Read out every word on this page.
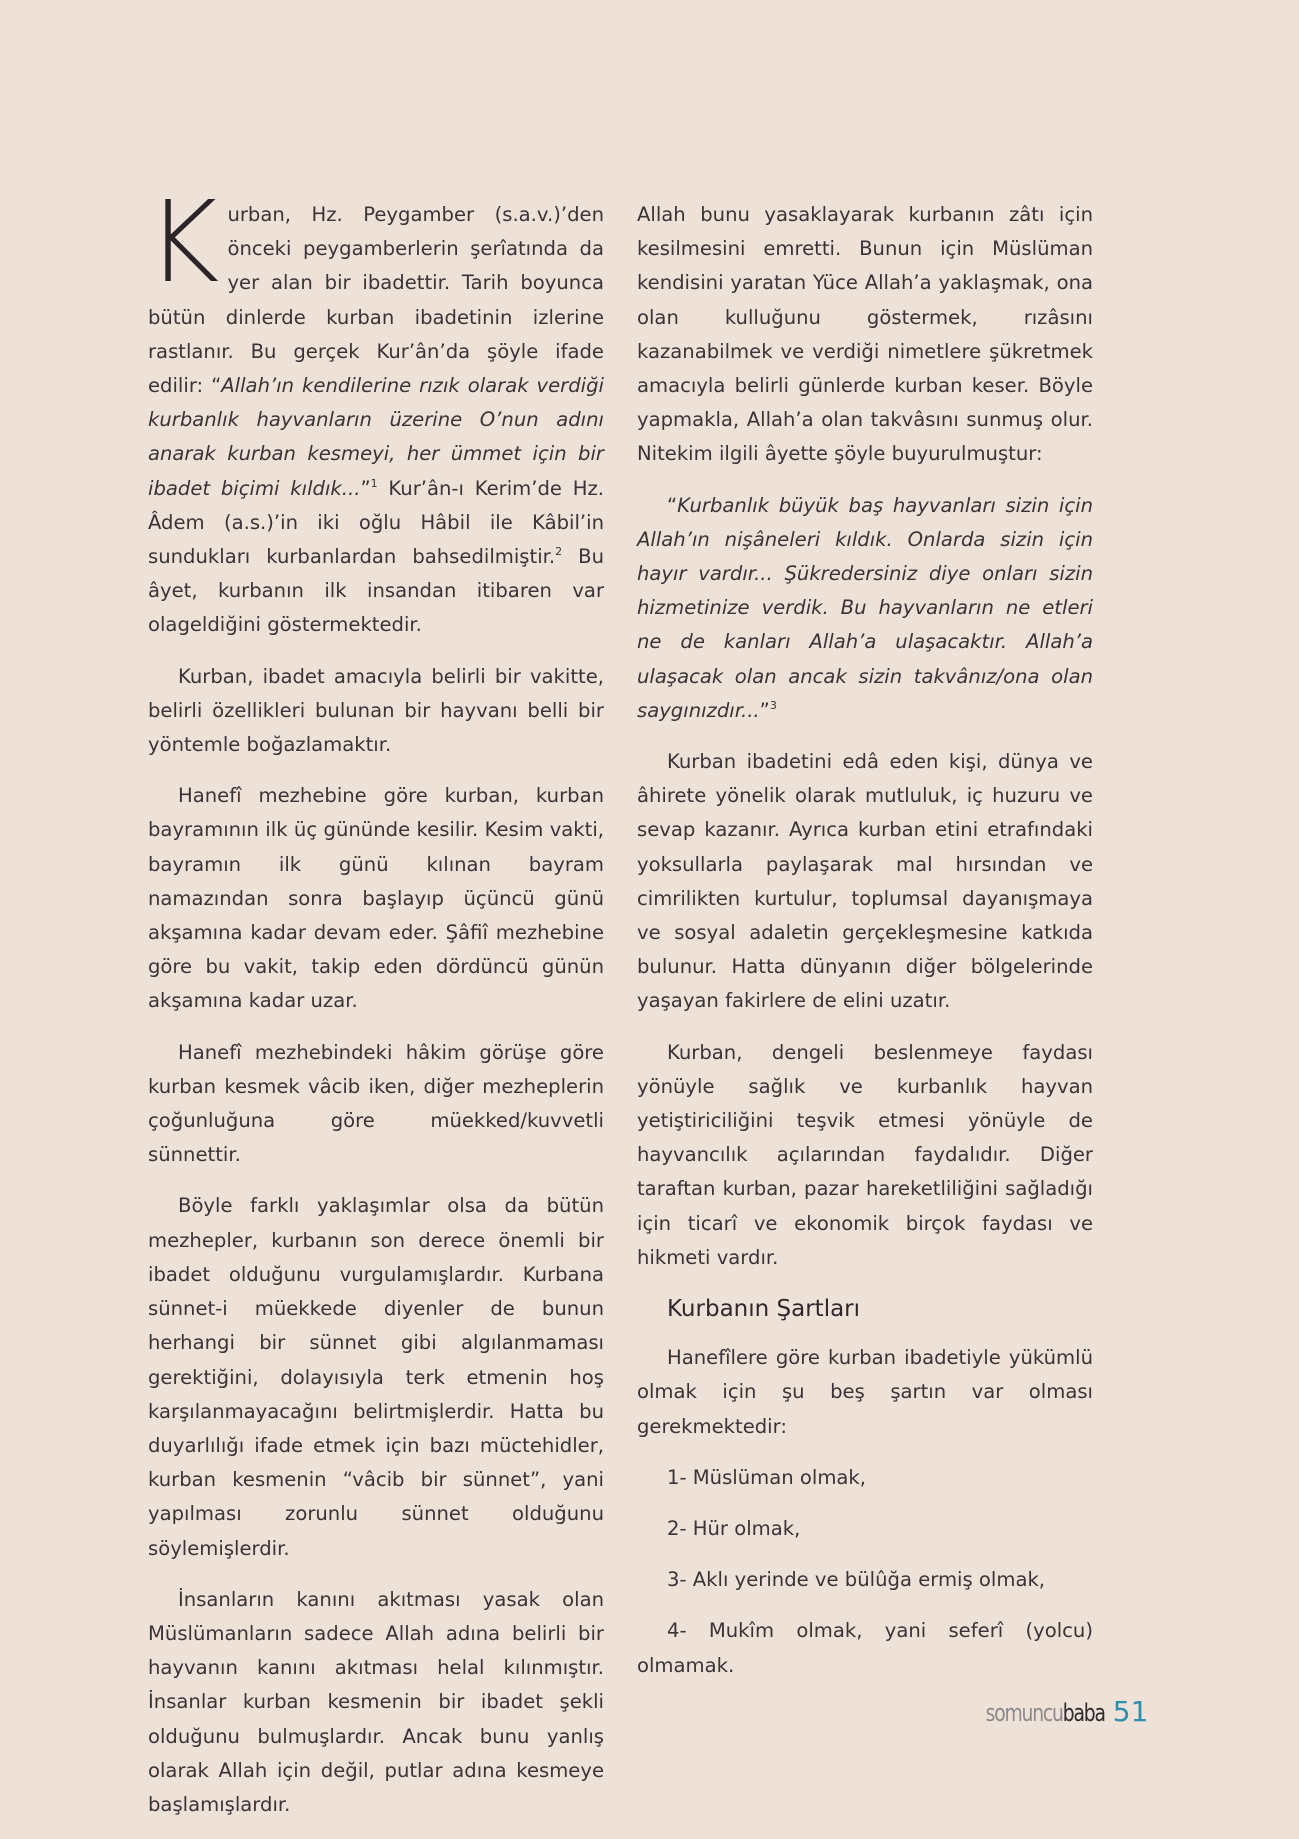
Kurban, Hz. Peygamber (s.a.v.)’den önceki peygamberlerin şerîatında da yer alan bir ibadettir. Tarih boyunca bütün dinlerde kurban ibadetinin izlerine rastlanır. Bu gerçek Kur’ân’da şöyle ifade edilir: “Allah’ın kendilerine rızık olarak verdiği kurbanlık hayvanların üzerine O’nun adını anarak kurban kesmeyi, her ümmet için bir ibadet biçimi kıldık...”$^1$ Kur’ân-ı Kerim’de Hz. Âdem (a.s.)’in iki oğlu Hâbil ile Kâbil’in sundukları kurbanlardan bahsedilmiştir.$^2$ Bu âyet, kurbanın ilk insandan itibaren var olageldiğini göstermektedir.

Kurban, ibadet amacıyla belirli bir vakitte, belirli özellikleri bulunan bir hayvanı belli bir yöntemle boğazlamaktır.

Hanefî mezhebine göre kurban, kurban bayramının ilk üç gününde kesilir. Kesim vakti, bayramın ilk günü kılınan bayram namazından sonra başlayıp üçüncü günü akşamına kadar devam eder. Şâfiî mezhebine göre bu vakit, takip eden dördüncü günün akşamına kadar uzar.

Hanefî mezhebindeki hâkim görüşe göre kurban kesmek vâcib iken, diğer mezheplerin çoğunluğuna göre müekked/kuvvetli sünnettir.

Böyle farklı yaklaşımlar olsa da bütün mezhepler, kurbanın son derece önemli bir ibadet olduğunu vurgulamışlardır. Kurbana sünnet-i müekkede diyenler de bunun herhangi bir sünnet gibi algılanmaması gerektiğini, dolayısıyla terk etmenin hoş karşılanmayacağını belirtmişlerdir. Hatta bu duyarlılığı ifade etmek için bazı müctehidler, kurban kesmenin “vâcib bir sünnet”, yani yapılması zorunlu sünnet olduğunu söylemişlerdir.

İnsanların kanını akıtması yasak olan Müslümanların sadece Allah adına belirli bir hayvanın kanını akıtması helal kılınmıştır. İnsanlar kurban kesmenin bir ibadet şekli olduğunu bulmuşlardır. Ancak bunu yanlış olarak Allah için değil, putlar adına kesmeye başlamışlardır.

Allah bunu yasaklayarak kurbanın zâtı için kesilmesini emretti. Bunun için Müslüman kendisini yaratan Yüce Allah’a yaklaşmak, ona olan kulluğunu göstermek, rızâsını kazanabilmek ve verdiği nimetlere şükretmek amacıyla belirli günlerde kurban keser. Böyle yapmakla, Allah’a olan takvâsını sunmuş olur. Nitekim ilgili âyette şöyle buyurulmuştur:

“Kurbanlık büyük baş hayvanları sizin için Allah’ın nişâneleri kıldık. Onlarda sizin için hayır vardır... Şükredersiniz diye onları sizin hizmetinize verdik. Bu hayvanların ne etleri ne de kanları Allah’a ulaşacaktır. Allah’a ulaşacak olan ancak sizin takvânız/ona olan saygınızdır...”$^3$

Kurban ibadetini edâ eden kişi, dünya ve âhirete yönelik olarak mutluluk, iç huzuru ve sevap kazanır. Ayrıca kurban etini etrafındaki yoksullarla paylaşarak mal hırsından ve cimrilikten kurtulur, toplumsal dayanışmaya ve sosyal adaletin gerçekleşmesine katkıda bulunur. Hatta dünyanın diğer bölgelerinde yaşayan fakirlere de elini uzatır.

Kurban, dengeli beslenmeye faydası yönüyle sağlık ve kurbanlık hayvan yetiştiriciliğini teşvik etmesi yönüyle de hayvancılık açılarından faydalıdır. Diğer taraftan kurban, pazar hareketliliğini sağladığı için ticarî ve ekonomik birçok faydası ve hikmeti vardır.

Kurbanın Şartları

Hanefîlere göre kurban ibadetiyle yükümlü olmak için şu beş şartın var olması gerekmektedir:

1- Müslüman olmak,

2- Hür olmak,

3- Aklı yerinde ve bülûğa ermiş olmak,

4- Mukîm olmak, yani seferî (yolcu) olmamak.

somuncubaba 51
